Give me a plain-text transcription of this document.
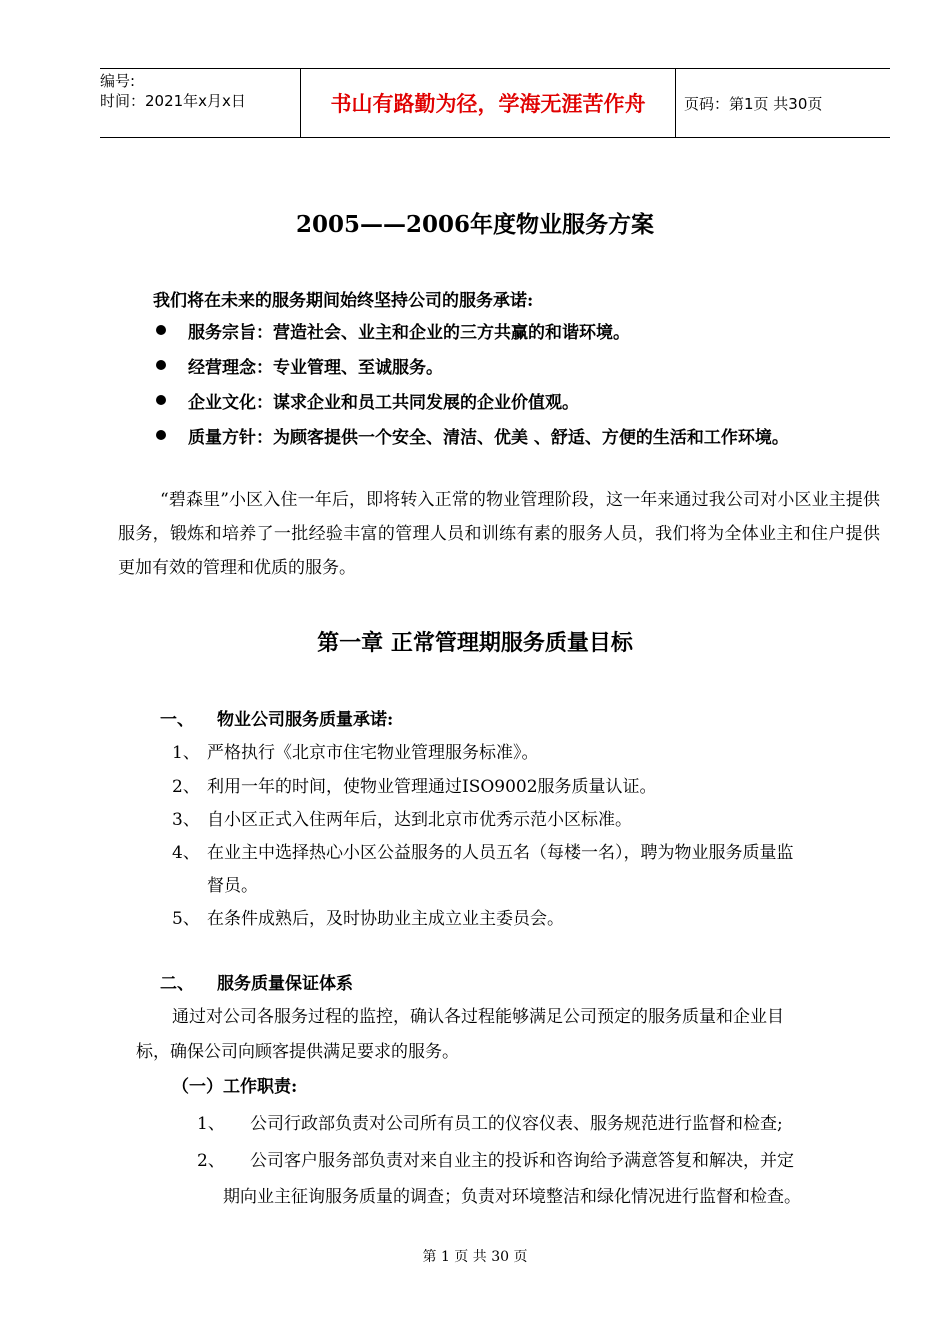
编号:
时间：2021年x月x日	书山有路勤为径，学海无涯苦作舟	页码：第1页 共30页
2005——2006年度物业服务方案
我们将在未来的服务期间始终坚持公司的服务承诺:
服务宗旨：营造社会、业主和企业的三方共赢的和谐环境。
经营理念：专业管理、至诚服务。
企业文化：谋求企业和员工共同发展的企业价值观。
质量方针：为顾客提供一个安全、清洁、优美 、舒适、方便的生活和工作环境。
“碧森里”小区入住一年后，即将转入正常的物业管理阶段，这一年来通过我公司对小区业主提供服务，锻炼和培养了一批经验丰富的管理人员和训练有素的服务人员，我们将为全体业主和住户提供更加有效的管理和优质的服务。
第一章 正常管理期服务质量目标
一、 物业公司服务质量承诺:
1、 严格执行《北京市住宅物业管理服务标准》。
2、 利用一年的时间，使物业管理通过ISO9002服务质量认证。
3、 自小区正式入住两年后，达到北京市优秀示范小区标准。
4、 在业主中选择热心小区公益服务的人员五名（每楼一名），聘为物业服务质量监
督员。
5、 在条件成熟后，及时协助业主成立业主委员会。
二、 服务质量保证体系
通过对公司各服务过程的监控，确认各过程能够满足公司预定的服务质量和企业目
标，确保公司向顾客提供满足要求的服务。
（一）工作职责:
1、 公司行政部负责对公司所有员工的仪容仪表、服务规范进行监督和检查;
2、 公司客户服务部负责对来自业主的投诉和咨询给予满意答复和解决，并定
期向业主征询服务质量的调查；负责对环境整洁和绿化情况进行监督和检查。
第 1 页 共 30 页
